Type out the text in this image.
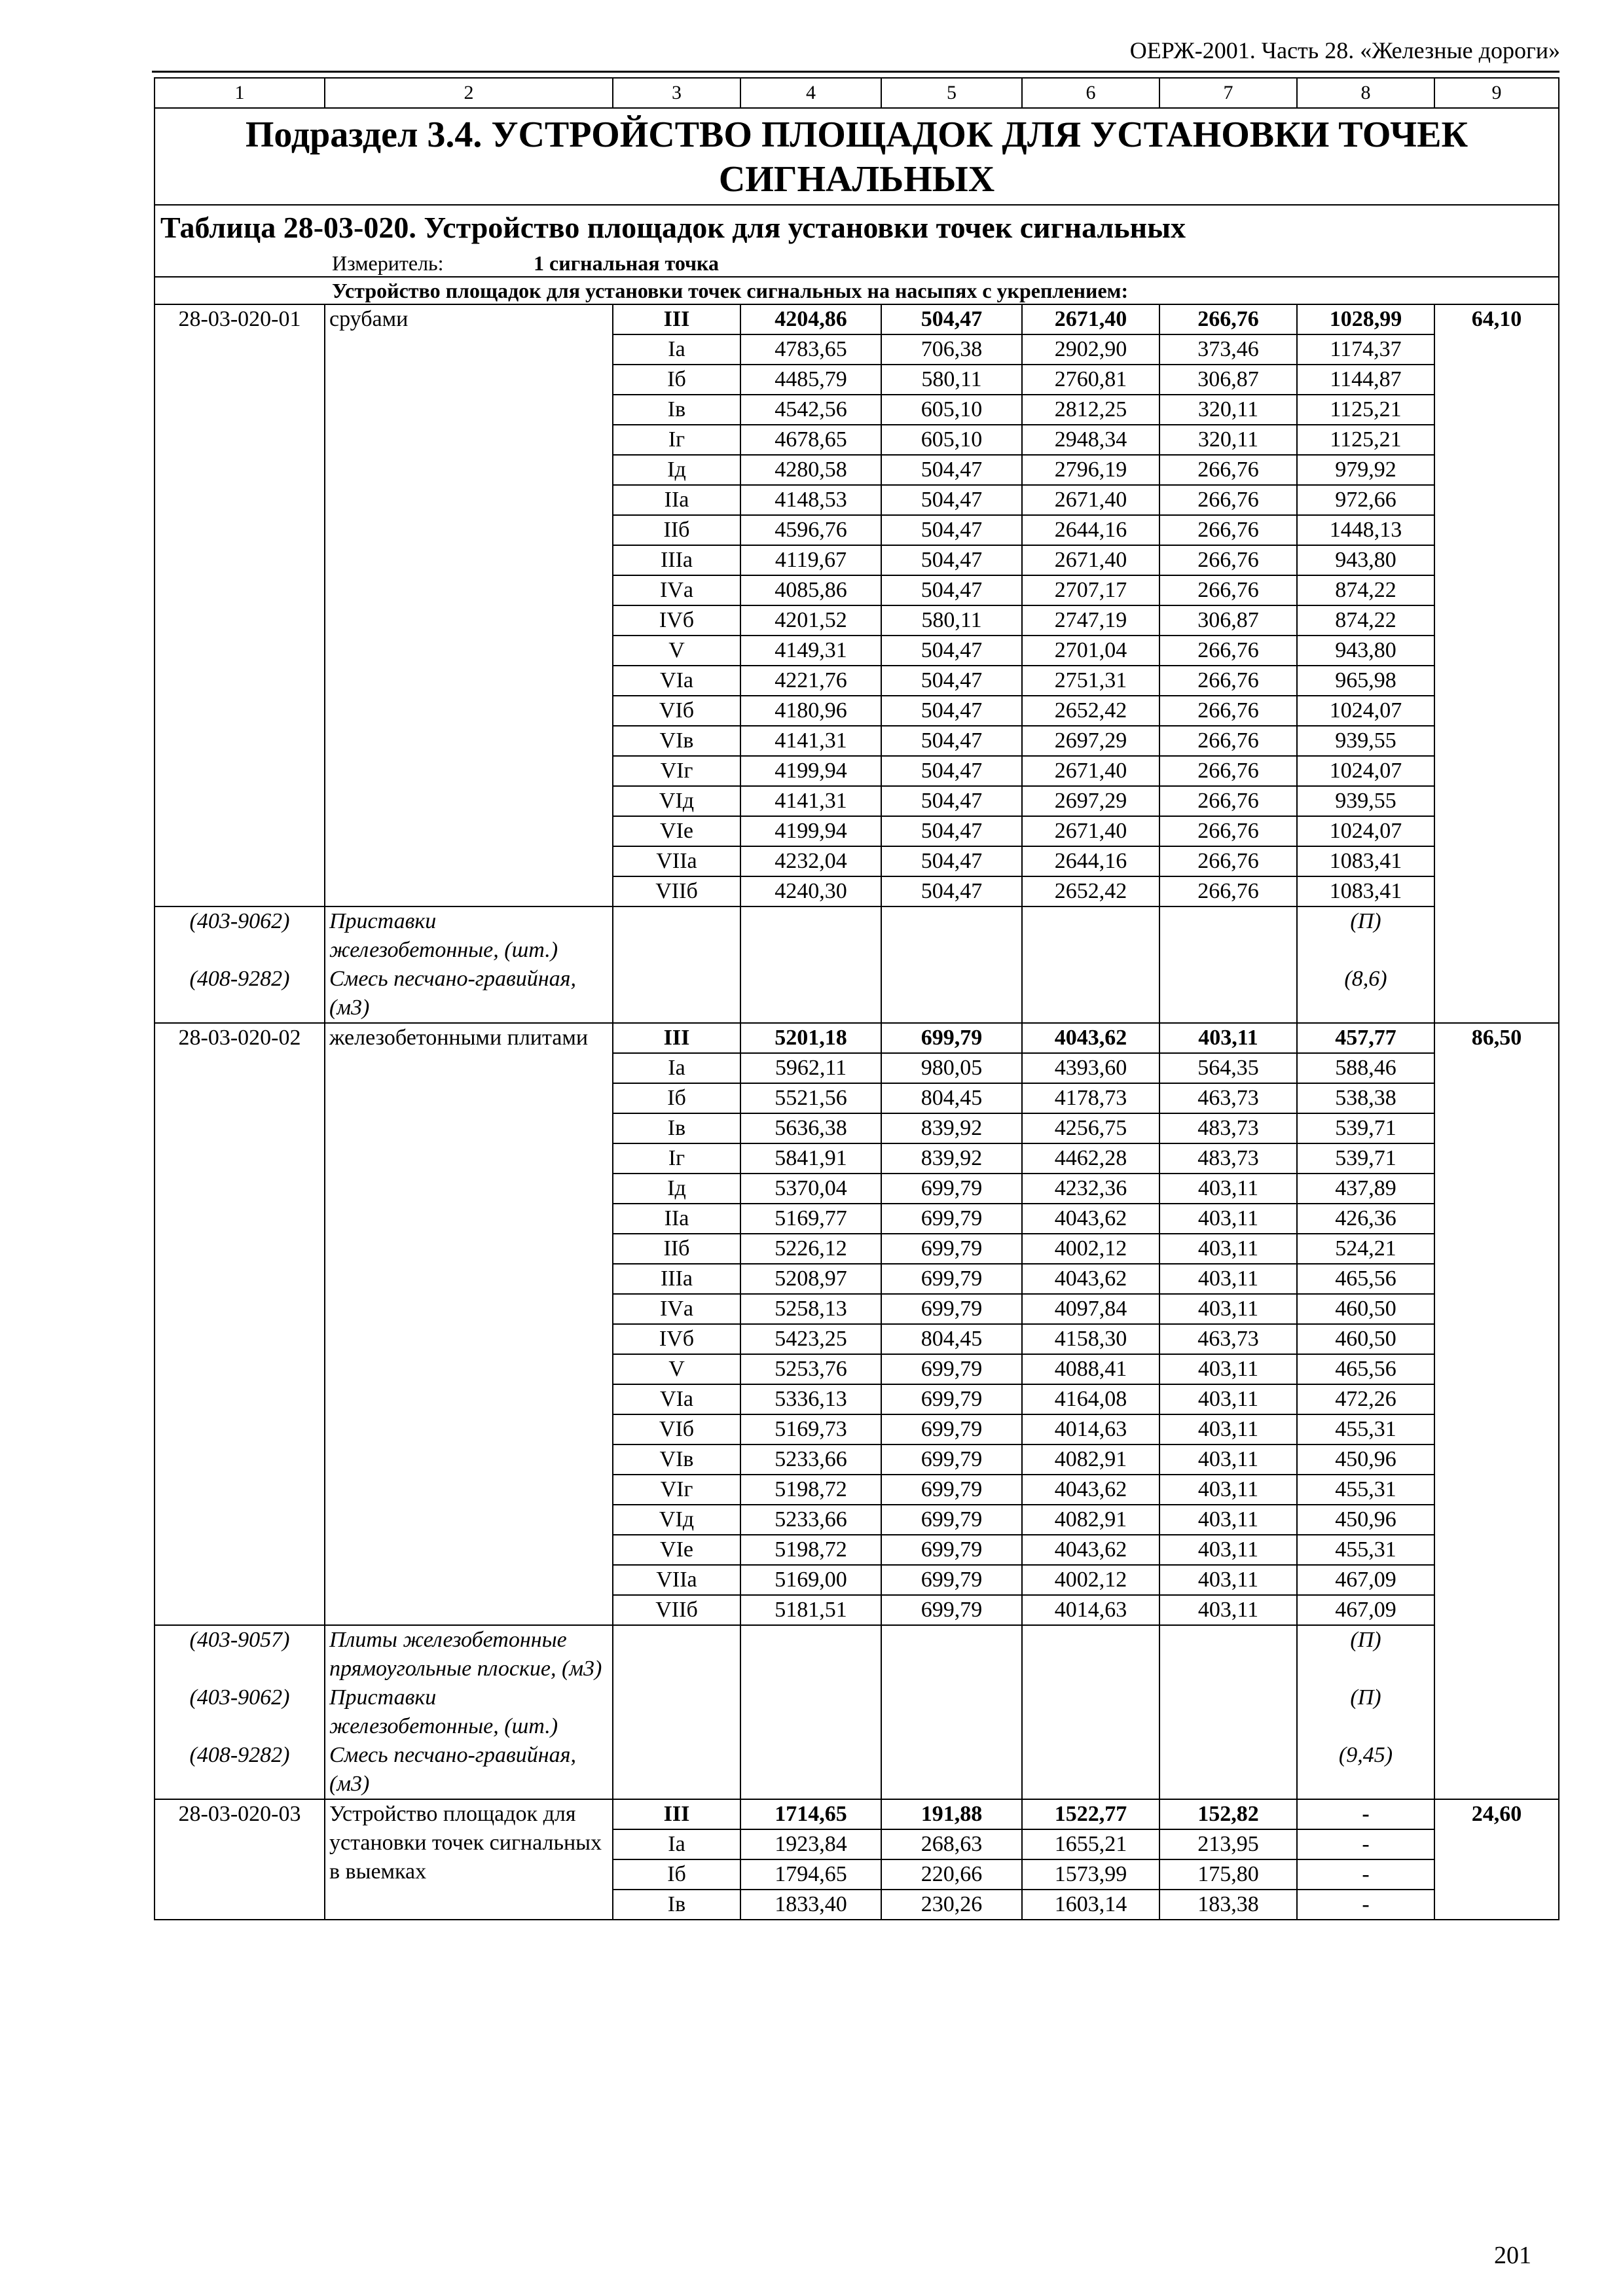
ОЕРЖ-2001. Часть 28. «Железные дороги»
1	2	3	4	5	6	7	8	9
Подраздел 3.4. УСТРОЙСТВО ПЛОЩАДОК ДЛЯ УСТАНОВКИ ТОЧЕК СИГНАЛЬНЫХ								

Таблица 28-03-020. Устройство площадок для установки точек сигнальных
Измеритель: 1 сигнальная точка								

Устройство площадок для установки точек сигнальных на насыпях с укреплением:								
28-03-020-01	срубами	III	4204,86	504,47	2671,40	266,76	1028,99	64,10
		Iа	4783,65	706,38	2902,90	373,46	1174,37	
		Iб	4485,79	580,11	2760,81	306,87	1144,87	
		Iв	4542,56	605,10	2812,25	320,11	1125,21	
		Iг	4678,65	605,10	2948,34	320,11	1125,21	
		Iд	4280,58	504,47	2796,19	266,76	979,92	
		IIа	4148,53	504,47	2671,40	266,76	972,66	
		IIб	4596,76	504,47	2644,16	266,76	1448,13	
		IIIа	4119,67	504,47	2671,40	266,76	943,80	
		IVа	4085,86	504,47	2707,17	266,76	874,22	
		IVб	4201,52	580,11	2747,19	306,87	874,22	
		V	4149,31	504,47	2701,04	266,76	943,80	
		VIа	4221,76	504,47	2751,31	266,76	965,98	
		VIб	4180,96	504,47	2652,42	266,76	1024,07	
		VIв	4141,31	504,47	2697,29	266,76	939,55	
		VIг	4199,94	504,47	2671,40	266,76	1024,07	
		VIд	4141,31	504,47	2697,29	266,76	939,55	
		VIе	4199,94	504,47	2671,40	266,76	1024,07	
		VIIа	4232,04	504,47	2644,16	266,76	1083,41	
		VIIб	4240,30	504,47	2652,42	266,76	1083,41	
(403-9062)	Приставки железобетонные, (шт.)						(П)	
(408-9282)	Смесь песчано-гравийная, (м3)						(8,6)	
28-03-020-02	железобетонными плитами	III	5201,18	699,79	4043,62	403,11	457,77	86,50
		Iа	5962,11	980,05	4393,60	564,35	588,46	
		Iб	5521,56	804,45	4178,73	463,73	538,38	
		Iв	5636,38	839,92	4256,75	483,73	539,71	
		Iг	5841,91	839,92	4462,28	483,73	539,71	
		Iд	5370,04	699,79	4232,36	403,11	437,89	
		IIа	5169,77	699,79	4043,62	403,11	426,36	
		IIб	5226,12	699,79	4002,12	403,11	524,21	
		IIIа	5208,97	699,79	4043,62	403,11	465,56	
		IVа	5258,13	699,79	4097,84	403,11	460,50	
		IVб	5423,25	804,45	4158,30	463,73	460,50	
		V	5253,76	699,79	4088,41	403,11	465,56	
		VIа	5336,13	699,79	4164,08	403,11	472,26	
		VIб	5169,73	699,79	4014,63	403,11	455,31	
		VIв	5233,66	699,79	4082,91	403,11	450,96	
		VIг	5198,72	699,79	4043,62	403,11	455,31	
		VIд	5233,66	699,79	4082,91	403,11	450,96	
		VIе	5198,72	699,79	4043,62	403,11	455,31	
		VIIа	5169,00	699,79	4002,12	403,11	467,09	
		VIIб	5181,51	699,79	4014,63	403,11	467,09	
(403-9057)	Плиты железобетонные прямоугольные плоские, (м3)						(П)	
(403-9062)	Приставки железобетонные, (шт.)						(П)	
(408-9282)	Смесь песчано-гравийная, (м3)						(9,45)	
28-03-020-03	Устройство площадок для установки точек сигнальных в выемках	III	1714,65	191,88	1522,77	152,82	-	24,60
		Iа	1923,84	268,63	1655,21	213,95	-	
		Iб	1794,65	220,66	1573,99	175,80	-	
		Iв	1833,40	230,26	1603,14	183,38	-	
201
